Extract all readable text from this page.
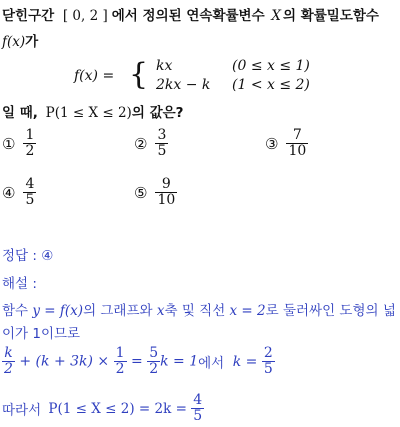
닫힌구간 [ 0, 2 ] 에서 정의된 연속확률변수 X 의 확률밀도함수
f(x)가
f(x) = { kx	(0 ≤ x ≤ 1)
2kx − k (1 < x ≤ 2)
일 때, P(1 ≤ X ≤ 2)의 값은?
① $\frac{1}{2}$	② $\frac{3}{5}$	③ $\frac{7}{10}$
④ $\frac{4}{5}$	⑤ $\frac{9}{10}$
정답 : ④
해설 :
함수 y = f(x)의 그래프와 x축 및 직선 x = 2로 둘러싸인 도형의 넓
이가 1이므로
$\frac{k}{2} + (k + 3k) \times \frac{1}{2} = \frac{5}{2}$ k = 1에서 $k = \frac{2}{5}$
따라서 $P(1 \le X \le 2) = 2k = \frac{4}{5}$
